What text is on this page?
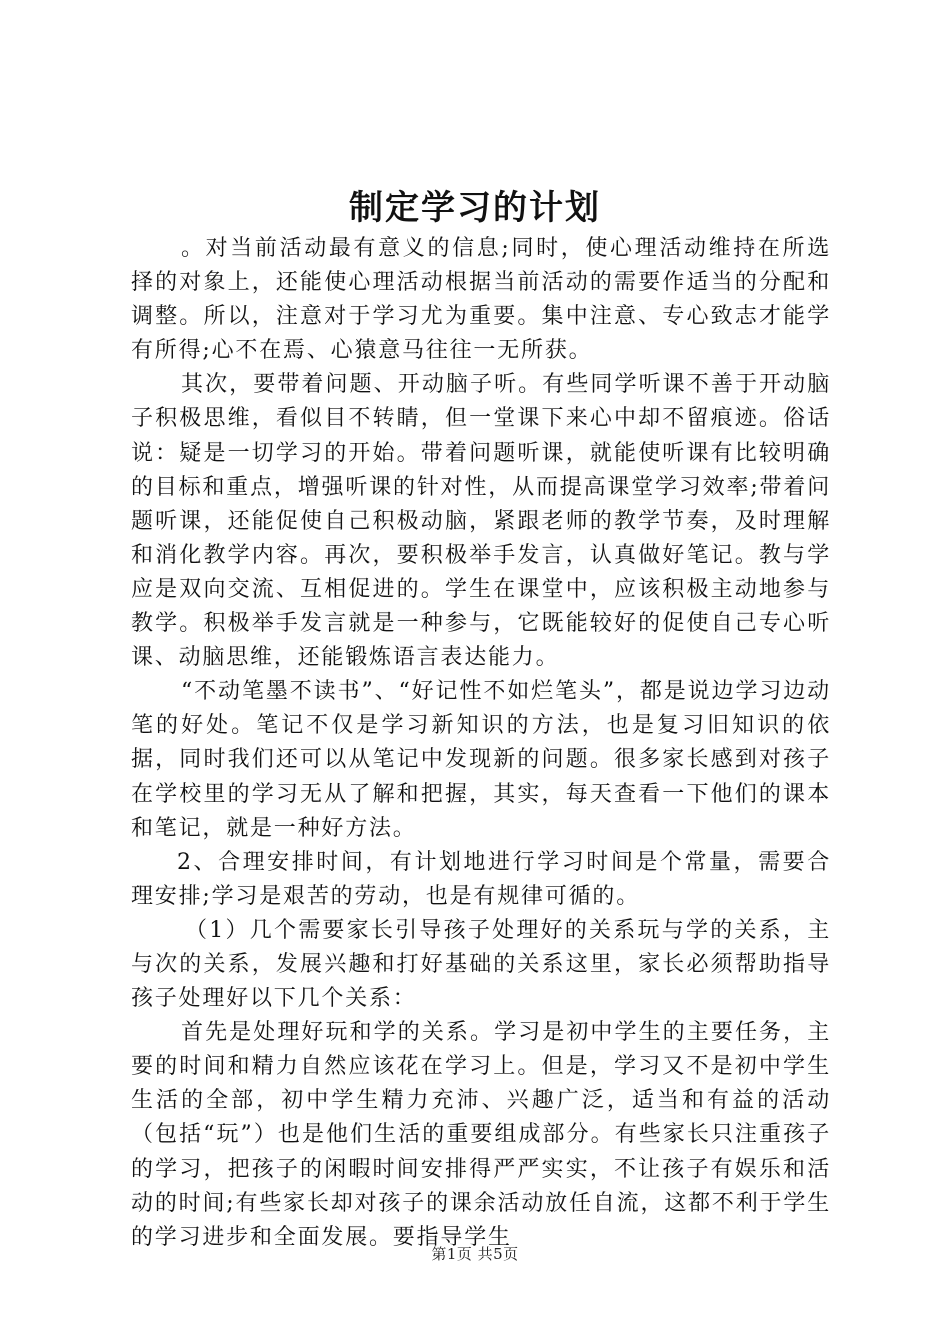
制定学习的计划

。对当前活动最有意义的信息;同时，使心理活动维持在所选择的对象上，还能使心理活动根据当前活动的需要作适当的分配和调整。所以，注意对于学习尤为重要。集中注意、专心致志才能学有所得;心不在焉、心猿意马往往一无所获。

其次，要带着问题、开动脑子听。有些同学听课不善于开动脑子积极思维，看似目不转睛，但一堂课下来心中却不留痕迹。俗话说：疑是一切学习的开始。带着问题听课，就能使听课有比较明确的目标和重点，增强听课的针对性，从而提高课堂学习效率;带着问题听课，还能促使自己积极动脑，紧跟老师的教学节奏，及时理解和消化教学内容。再次，要积极举手发言，认真做好笔记。教与学应是双向交流、互相促进的。学生在课堂中，应该积极主动地参与教学。积极举手发言就是一种参与，它既能较好的促使自己专心听课、动脑思维，还能锻炼语言表达能力。

“不动笔墨不读书”、“好记性不如烂笔头”，都是说边学习边动笔的好处。笔记不仅是学习新知识的方法，也是复习旧知识的依据，同时我们还可以从笔记中发现新的问题。很多家长感到对孩子在学校里的学习无从了解和把握，其实，每天查看一下他们的课本和笔记，就是一种好方法。

2、合理安排时间，有计划地进行学习时间是个常量，需要合理安排;学习是艰苦的劳动，也是有规律可循的。

（1）几个需要家长引导孩子处理好的关系玩与学的关系，主与次的关系，发展兴趣和打好基础的关系这里，家长必须帮助指导孩子处理好以下几个关系：

首先是处理好玩和学的关系。学习是初中学生的主要任务，主要的时间和精力自然应该花在学习上。但是，学习又不是初中学生生活的全部，初中学生精力充沛、兴趣广泛，适当和有益的活动（包括“玩”）也是他们生活的重要组成部分。有些家长只注重孩子的学习，把孩子的闲暇时间安排得严严实实，不让孩子有娱乐和活动的时间;有些家长却对孩子的课余活动放任自流，这都不利于学生的学习进步和全面发展。要指导学生

第1页 共5页
